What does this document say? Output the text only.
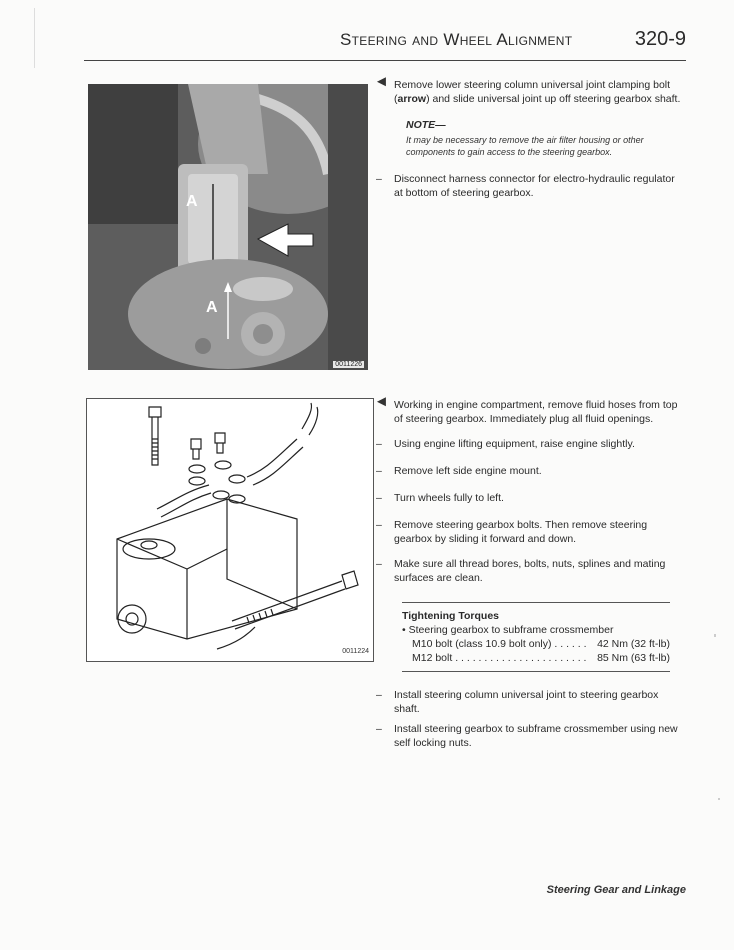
Steering and Wheel Alignment	320-9
A
A
0011226
0011224

◄ Remove lower steering column universal joint clamping bolt (arrow) and slide universal joint up off steering gearbox shaft.

NOTE—
It may be necessary to remove the air filter housing or other components to gain access to the steering gearbox.

–	Disconnect harness connector for electro-hydraulic regulator at bottom of steering gearbox.

◄ Working in engine compartment, remove fluid hoses from top of steering gearbox. Immediately plug all fluid openings.

–	Using engine lifting equipment, raise engine slightly.

–	Remove left side engine mount.

–	Turn wheels fully to left.

–	Remove steering gearbox bolts. Then remove steering gearbox by sliding it forward and down.

–	Make sure all thread bores, bolts, nuts, splines and mating surfaces are clean.

Tightening Torques
• Steering gearbox to subframe crossmember
M10 bolt (class 10.9 bolt only) . . . . . . 42 Nm (32 ft-lb)
M12 bolt . . . . . . . . . . . . . . . . . . . . . . . 85 Nm (63 ft-lb)

–	Install steering column universal joint to steering gearbox shaft.

–	Install steering gearbox to subframe crossmember using new self locking nuts.

Steering Gear and Linkage
